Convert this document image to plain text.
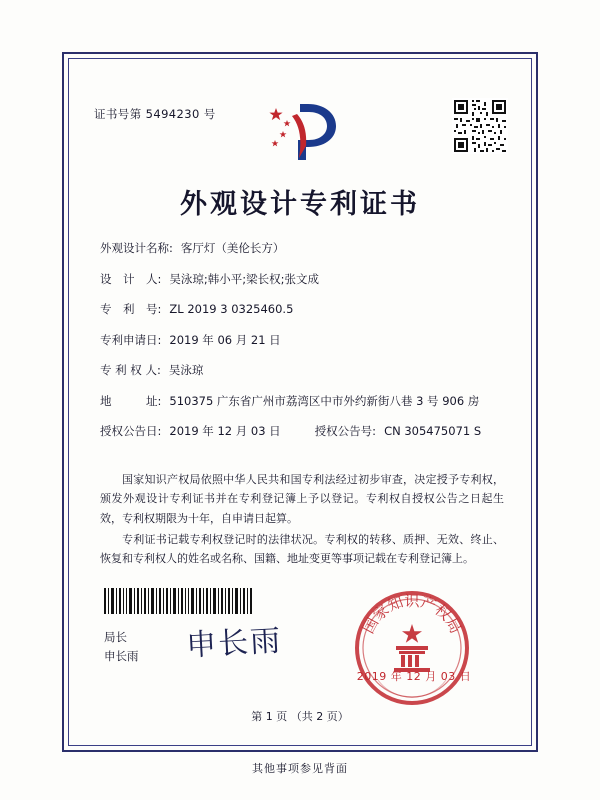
证书号第 5494230 号
外观设计专利证书
外观设计名称: 客厅灯（美伦长方）
设　计　人: 吴泳琼;韩小平;梁长权;张文成
专　利　号: ZL 2019 3 0325460.5
专利申请日: 2019 年 06 月 21 日
专 利 权 人: 吴泳琼
地　　　址: 510375 广东省广州市荔湾区中市外约新街八巷 3 号 906 房
授权公告日: 2019 年 12 月 03 日	授权公告号: CN 305475071 S

国家知识产权局依照中华人民共和国专利法经过初步审查，决定授予专利权，颁发外观设计专利证书并在专利登记簿上予以登记。专利权自授权公告之日起生效，专利权期限为十年，自申请日起算。

专利证书记载专利权登记时的法律状况。专利权的转移、质押、无效、终止、恢复和专利权人的姓名或名称、国籍、地址变更等事项记载在专利登记簿上。

局长
申长雨 申长雨	国家知识产权局
2019 年 12 月 03 日
第 1 页 （共 2 页）
其他事项参见背面
